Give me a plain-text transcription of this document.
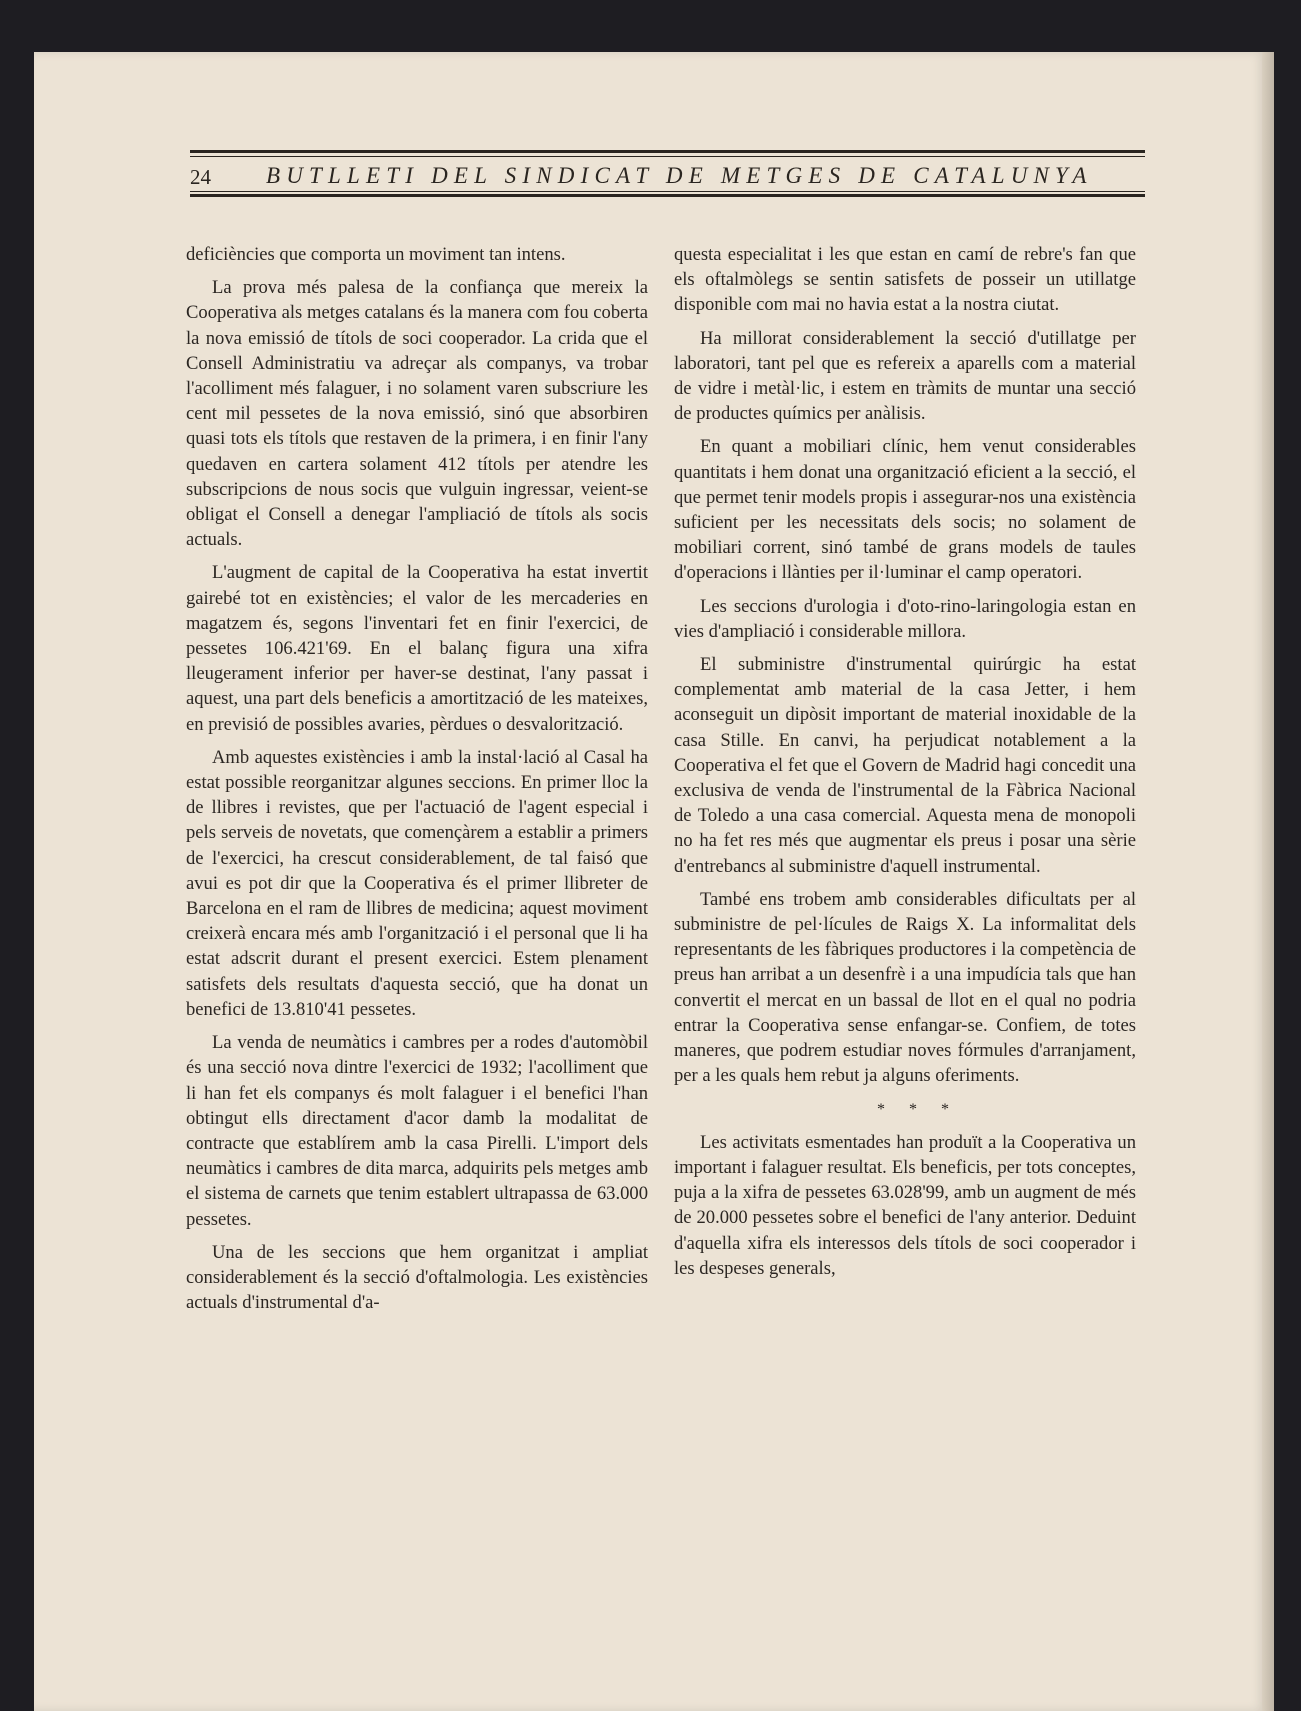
24 BUTLLETI DEL SINDICAT DE METGES DE CATALUNYA

deficiències que comporta un moviment tan intens.

La prova més palesa de la confiança que mereix la Cooperativa als metges catalans és la manera com fou coberta la nova emissió de títols de soci cooperador. La crida que el Consell Administratiu va adreçar als companys, va trobar l'acolliment més falaguer, i no solament varen subscriure les cent mil pessetes de la nova emissió, sinó que absorbiren quasi tots els títols que restaven de la primera, i en finir l'any quedaven en cartera solament 412 títols per atendre les subscripcions de nous socis que vulguin ingressar, veient-se obligat el Consell a denegar l'ampliació de títols als socis actuals.

L'augment de capital de la Cooperativa ha estat invertit gairebé tot en existències; el valor de les mercaderies en magatzem és, segons l'inventari fet en finir l'exercici, de pessetes 106.421'69. En el balanç figura una xifra lleugerament inferior per haver-se destinat, l'any passat i aquest, una part dels beneficis a amortització de les mateixes, en previsió de possibles avaries, pèrdues o desvalorització.

Amb aquestes existències i amb la instal·lació al Casal ha estat possible reorganitzar algunes seccions. En primer lloc la de llibres i revistes, que per l'actuació de l'agent especial i pels serveis de novetats, que començàrem a establir a primers de l'exercici, ha crescut considerablement, de tal faisó que avui es pot dir que la Cooperativa és el primer llibreter de Barcelona en el ram de llibres de medicina; aquest moviment creixerà encara més amb l'organització i el personal que li ha estat adscrit durant el present exercici. Estem plenament satisfets dels resultats d'aquesta secció, que ha donat un benefici de 13.810'41 pessetes.

La venda de neumàtics i cambres per a rodes d'automòbil és una secció nova dintre l'exercici de 1932; l'acolliment que li han fet els companys és molt falaguer i el benefici l'han obtingut ells directament d'acor damb la modalitat de contracte que establírem amb la casa Pirelli. L'import dels neumàtics i cambres de dita marca, adquirits pels metges amb el sistema de carnets que tenim establert ultrapassa de 63.000 pessetes.

Una de les seccions que hem organitzat i ampliat considerablement és la secció d'oftalmologia. Les existències actuals d'instrumental d'a-

questa especialitat i les que estan en camí de rebre's fan que els oftalmòlegs se sentin satisfets de posseir un utillatge disponible com mai no havia estat a la nostra ciutat.

Ha millorat considerablement la secció d'utillatge per laboratori, tant pel que es refereix a aparells com a material de vidre i metàl·lic, i estem en tràmits de muntar una secció de productes químics per anàlisis.

En quant a mobiliari clínic, hem venut considerables quantitats i hem donat una organització eficient a la secció, el que permet tenir models propis i assegurar-nos una existència suficient per les necessitats dels socis; no solament de mobiliari corrent, sinó també de grans models de taules d'operacions i llànties per il·luminar el camp operatori.

Les seccions d'urologia i d'oto-rino-laringologia estan en vies d'ampliació i considerable millora.

El subministre d'instrumental quirúrgic ha estat complementat amb material de la casa Jetter, i hem aconseguit un dipòsit important de material inoxidable de la casa Stille. En canvi, ha perjudicat notablement a la Cooperativa el fet que el Govern de Madrid hagi concedit una exclusiva de venda de l'instrumental de la Fàbrica Nacional de Toledo a una casa comercial. Aquesta mena de monopoli no ha fet res més que augmentar els preus i posar una sèrie d'entrebancs al subministre d'aquell instrumental.

També ens trobem amb considerables dificultats per al subministre de pel·lícules de Raigs X. La informalitat dels representants de les fàbriques productores i la competència de preus han arribat a un desenfrè i a una impudícia tals que han convertit el mercat en un bassal de llot en el qual no podria entrar la Cooperativa sense enfangar-se. Confiem, de totes maneres, que podrem estudiar noves fórmules d'arranjament, per a les quals hem rebut ja alguns oferiments.

* * *

Les activitats esmentades han produït a la Cooperativa un important i falaguer resultat. Els beneficis, per tots conceptes, puja a la xifra de pessetes 63.028'99, amb un augment de més de 20.000 pessetes sobre el benefici de l'any anterior. Deduint d'aquella xifra els interessos dels títols de soci cooperador i les despeses generals,
